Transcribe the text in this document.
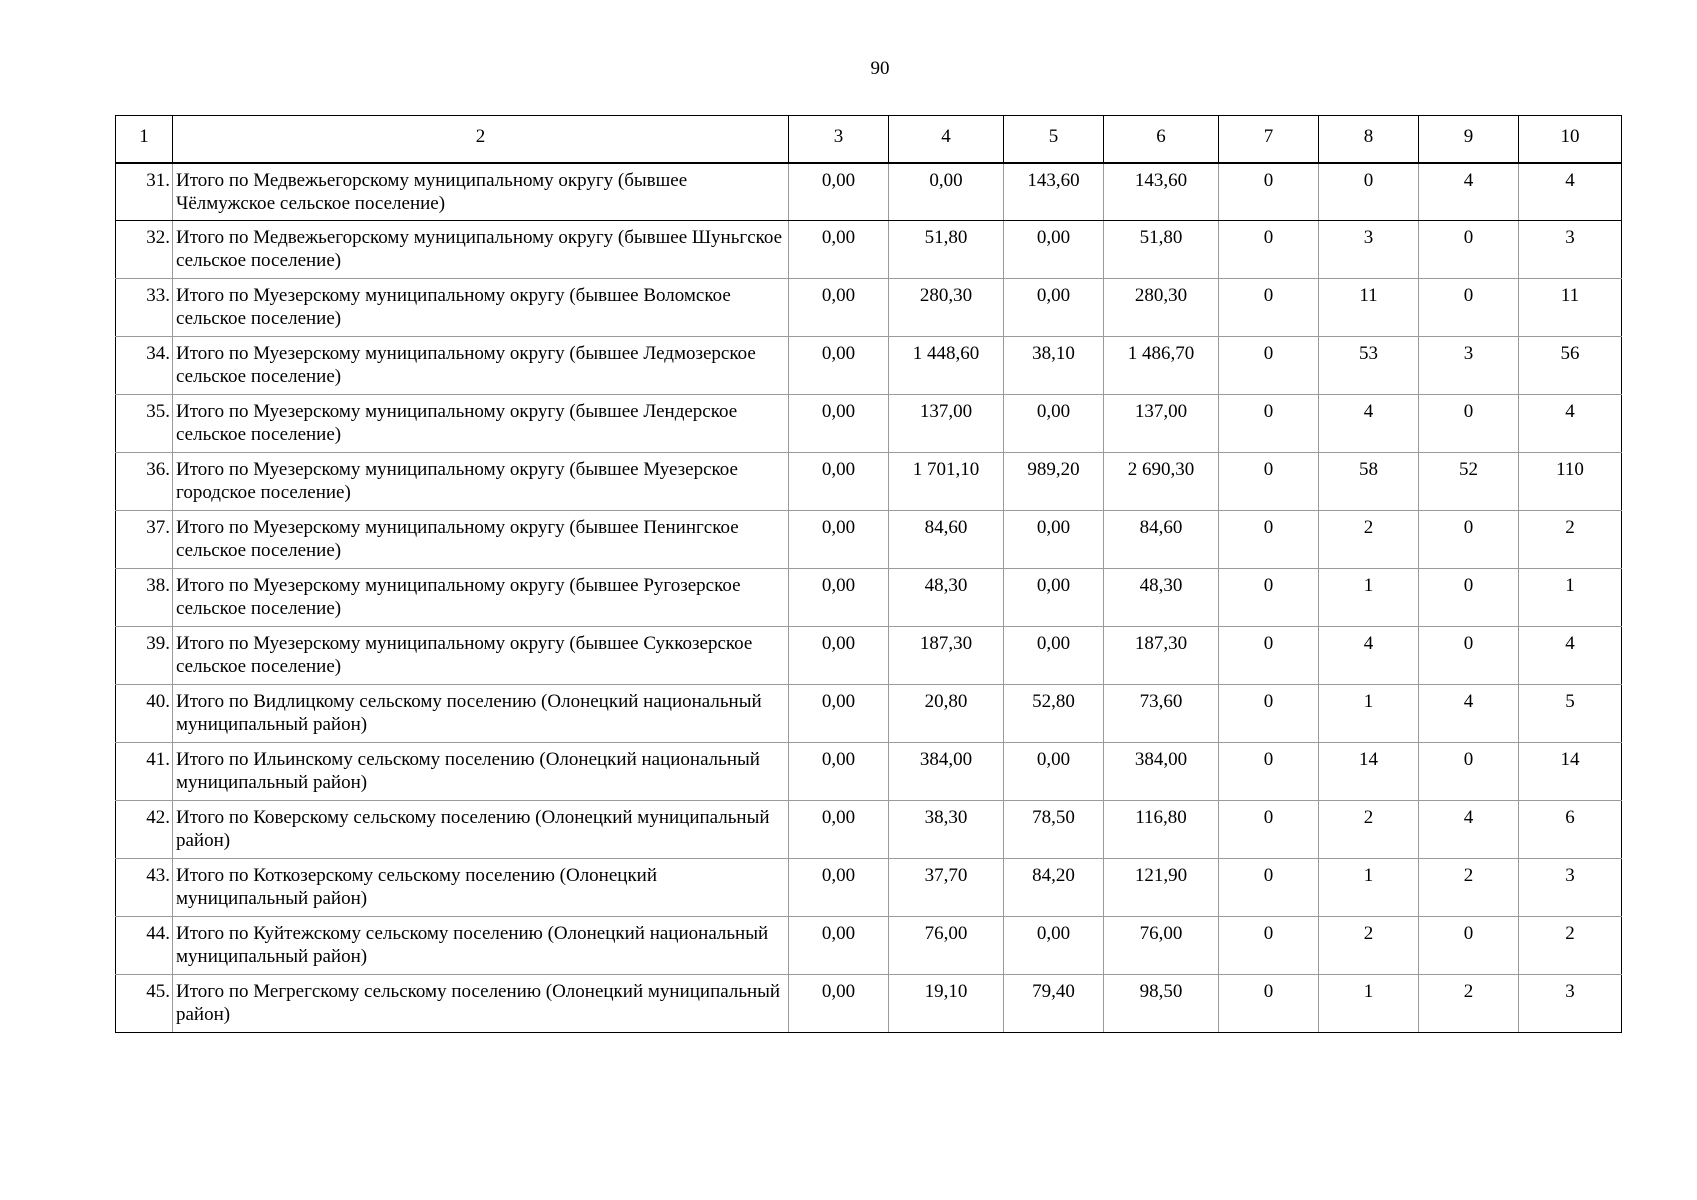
90
1	2	3	4	5	6	7	8	9	10
31.	Итого по Медвежьегорскому муниципальному округу (бывшее Чёлмужское сельское поселение)	0,00	0,00	143,60	143,60	0	0	4	4
32.	Итого по Медвежьегорскому муниципальному округу (бывшее Шуньгское сельское поселение)	0,00	51,80	0,00	51,80	0	3	0	3
33.	Итого по Муезерскому муниципальному округу (бывшее Воломское сельское поселение)	0,00	280,30	0,00	280,30	0	11	0	11
34.	Итого по Муезерскому муниципальному округу (бывшее Ледмозерское сельское поселение)	0,00	1 448,60	38,10	1 486,70	0	53	3	56
35.	Итого по Муезерскому муниципальному округу (бывшее Лендерское сельское поселение)	0,00	137,00	0,00	137,00	0	4	0	4
36.	Итого по Муезерскому муниципальному округу (бывшее Муезерское городское поселение)	0,00	1 701,10	989,20	2 690,30	0	58	52	110
37.	Итого по Муезерскому муниципальному округу (бывшее Пенингское сельское поселение)	0,00	84,60	0,00	84,60	0	2	0	2
38.	Итого по Муезерскому муниципальному округу (бывшее Ругозерское сельское поселение)	0,00	48,30	0,00	48,30	0	1	0	1
39.	Итого по Муезерскому муниципальному округу (бывшее Суккозерское сельское поселение)	0,00	187,30	0,00	187,30	0	4	0	4
40.	Итого по Видлицкому сельскому поселению (Олонецкий национальный муниципальный район)	0,00	20,80	52,80	73,60	0	1	4	5
41.	Итого по Ильинскому сельскому поселению (Олонецкий национальный муниципальный район)	0,00	384,00	0,00	384,00	0	14	0	14
42.	Итого по Коверскому сельскому поселению (Олонецкий муниципальный район)	0,00	38,30	78,50	116,80	0	2	4	6
43.	Итого по Коткозерскому сельскому поселению (Олонецкий муниципальный район)	0,00	37,70	84,20	121,90	0	1	2	3
44.	Итого по Куйтежскому сельскому поселению (Олонецкий национальный муниципальный район)	0,00	76,00	0,00	76,00	0	2	0	2
45.	Итого по Мегрегскому сельскому поселению (Олонецкий муниципальный район)	0,00	19,10	79,40	98,50	0	1	2	3
